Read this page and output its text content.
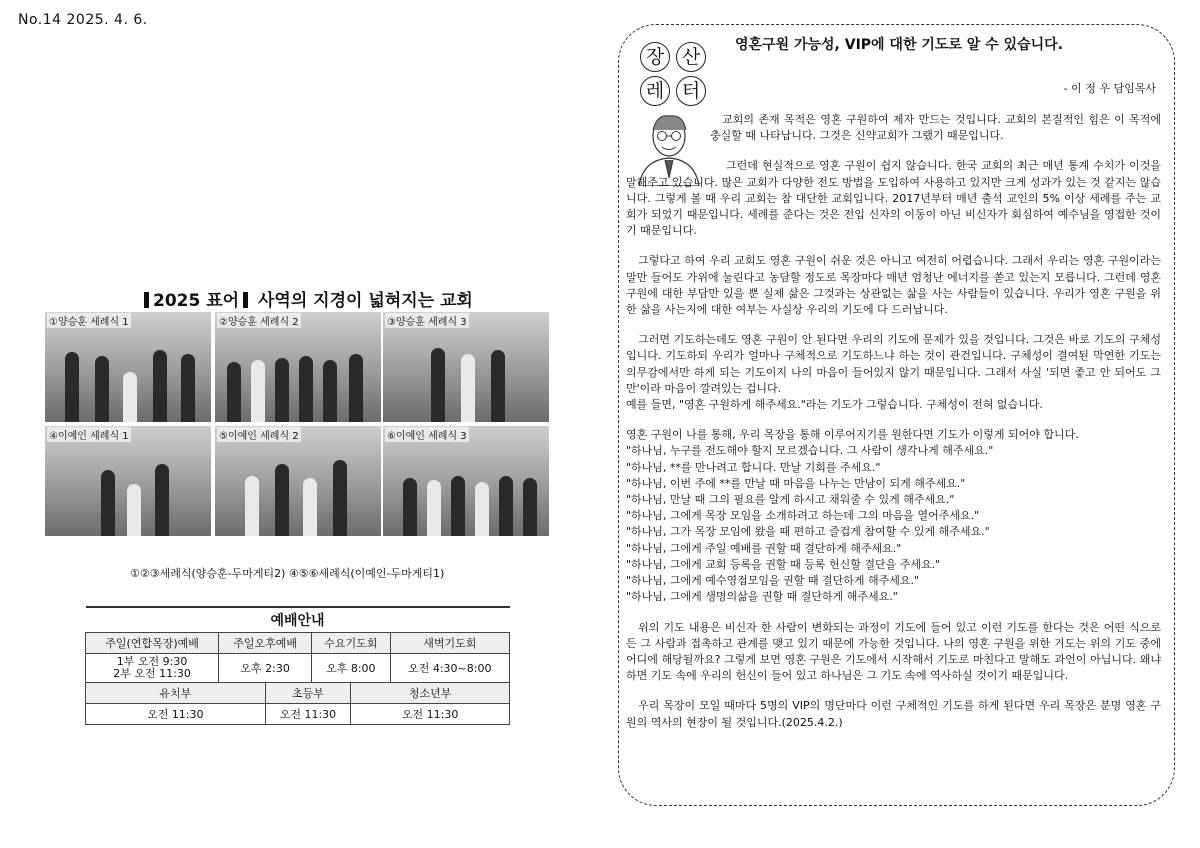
No.14 2025. 4. 6.
2025 표어 사역의 지경이 넓혀지는 교회
①양승훈 세례식 1	②양승훈 세례식 2	③양승훈 세례식 3
④이예인 세례식 1	⑤이예인 세례식 2	⑥이예인 세례식 3
①②③세례식(양승훈-두마게티2) ④⑤⑥세례식(이예인-두마게티1)
예배안내					
주일(연합목장)예배	주일오후예배		수요기도회		새벽기도회

1부 오전 9:30
2부 오전 11:30	오후 2:30		오후 8:00		오전 4:30~8:00
유치부		초등부		청소년부	
오전 11:30		오전 11:30		오전 11:30	
장 산
레 터
영혼구원 가능성, VIP에 대한 기도로 알 수 있습니다.
- 이 정 우 담임목사

교회의 존재 목적은 영혼 구원하여 제자 만드는 것입니다. 교회의 본질적인 힘은 이 목적에 충실할 때 나타납니다. 그것은 신약교회가 그랬기 때문입니다.

그런데 현실적으로 영혼 구원이 쉽지 않습니다. 한국 교회의 최근 매년 통계 수치가 이것을 말해주고 있습니다. 많은 교회가 다양한 전도 방법을 도입하여 사용하고 있지만 크게 성과가 있는 것 같지는 않습니다. 그렇게 볼 때 우리 교회는 참 대단한 교회입니다. 2017년부터 매년 출석 교인의 5% 이상 세례를 주는 교회가 되었기 때문입니다. 세례를 준다는 것은 전입 신자의 이동이 아닌 비신자가 회심하여 예수님을 영접한 것이기 때문입니다.

그렇다고 하여 우리 교회도 영혼 구원이 쉬운 것은 아니고 여전히 어렵습니다. 그래서 우리는 영혼 구원이라는 말만 들어도 가위에 눌린다고 농담할 정도로 목장마다 매년 엄청난 에너지를 쏟고 있는지 모릅니다. 그런데 영혼 구원에 대한 부담만 있을 뿐 실제 삶은 그것과는 상관없는 삶을 사는 사람들이 있습니다. 우리가 영혼 구원을 위한 삶을 사는지에 대한 여부는 사실상 우리의 기도에 다 드러납니다.

그러면 기도하는데도 영혼 구원이 안 된다면 우리의 기도에 문제가 있을 것입니다. 그것은 바로 기도의 구체성입니다. 기도하되 우리가 얼마나 구체적으로 기도하느냐 하는 것이 관건입니다. 구체성이 결여된 막연한 기도는 의무감에서만 하게 되는 기도이지 나의 마음이 들어있지 않기 때문입니다. 그래서 사실 '되면 좋고 안 되어도 그만'이라 마음이 깔려있는 겁니다.

예를 들면, "영혼 구원하게 해주세요."라는 기도가 그렇습니다. 구체성이 전혀 없습니다.

영혼 구원이 나를 통해, 우리 목장을 통해 이루어지기를 원한다면 기도가 이렇게 되어야 합니다.
"하나님, 누구를 전도해야 할지 모르겠습니다. 그 사람이 생각나게 해주세요."
"하나님, **를 만나려고 합니다. 만날 기회를 주세요."
"하나님, 이번 주에 **를 만날 때 마음을 나누는 만남이 되게 해주세요."
"하나님, 만날 때 그의 필요를 알게 하시고 채워줄 수 있게 해주세요."
"하나님, 그에게 목장 모임을 소개하려고 하는데 그의 마음을 열어주세요."
"하나님, 그가 목장 모임에 왔을 때 편하고 즐겁게 참여할 수 있게 해주세요."
"하나님, 그에게 주일 예배를 권할 때 결단하게 해주세요."
"하나님, 그에게 교회 등록을 권할 때 등록 헌신할 결단을 주세요."
"하나님, 그에게 예수영접모임을 권할 때 결단하게 해주세요."
"하나님, 그에게 생명의삶을 권할 때 결단하게 해주세요."

위의 기도 내용은 비신자 한 사람이 변화되는 과정이 기도에 들어 있고 이런 기도를 한다는 것은 어떤 식으로든 그 사람과 접촉하고 관계를 맺고 있기 때문에 가능한 것입니다. 나의 영혼 구원을 위한 기도는 위의 기도 중에 어디에 해당될까요? 그렇게 보면 영혼 구원은 기도에서 시작해서 기도로 마친다고 말해도 과언이 아닙니다. 왜냐하면 기도 속에 우리의 헌신이 들어 있고 하나님은 그 기도 속에 역사하실 것이기 때문입니다.

우리 목장이 모일 때마다 5명의 VIP의 명단마다 이런 구체적인 기도를 하게 된다면 우리 목장은 분명 영혼 구원의 역사의 현장이 될 것입니다.(2025.4.2.)
